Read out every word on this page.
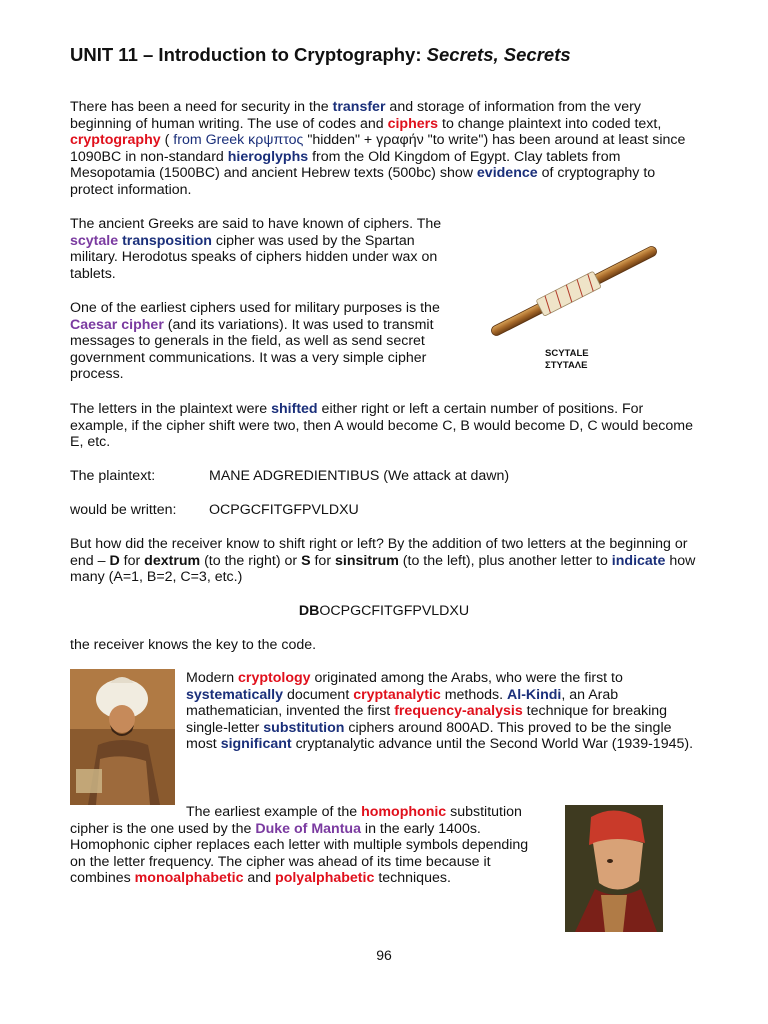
UNIT 11 – Introduction to Cryptography: Secrets, Secrets

There has been a need for security in the transfer and storage of information from the very beginning of human writing. The use of codes and ciphers to change plaintext into coded text, cryptography ( from Greek κρψπτος "hidden" + γραφήν "to write") has been around at least since 1090BC in non-standard hieroglyphs from the Old Kingdom of Egypt. Clay tablets from Mesopotamia (1500BC) and ancient Hebrew texts (500bc) show evidence of cryptography to protect information.

The ancient Greeks are said to have known of ciphers. The scytale transposition cipher was used by the Spartan military. Herodotus speaks of ciphers hidden under wax on tablets.

One of the earliest ciphers used for military purposes is the Caesar cipher (and its variations). It was used to transmit messages to generals in the field, as well as send secret government communications. It was a very simple cipher process.

SCYTALE
ΣΤΥΤΑΛΕ

The letters in the plaintext were shifted either right or left a certain number of positions. For example, if the cipher shift were two, then A would become C, B would become D, C would become E, etc.

The plaintext:	MANE ADGREDIENTIBUS (We attack at dawn)
would be written: OCPGCFITGFPVLDXU

But how did the receiver know to shift right or left? By the addition of two letters at the beginning or end – D for dextrum (to the right) or S for sinsitrum (to the left), plus another letter to indicate how many (A=1, B=2, C=3, etc.)

DBOCPGCFITGFPVLDXU

the receiver knows the key to the code.

Modern cryptology originated among the Arabs, who were the first to systematically document cryptanalytic methods. Al-Kindi, an Arab mathematician, invented the first frequency-analysis technique for breaking single-letter substitution ciphers around 800AD. This proved to be the single most significant cryptanalytic advance until the Second World War (1939-1945).

The earliest example of the homophonic substitution cipher is the one used by the Duke of Mantua in the early 1400s. Homophonic cipher replaces each letter with multiple symbols depending on the letter frequency. The cipher was ahead of its time because it combines monoalphabetic and polyalphabetic techniques.

96
